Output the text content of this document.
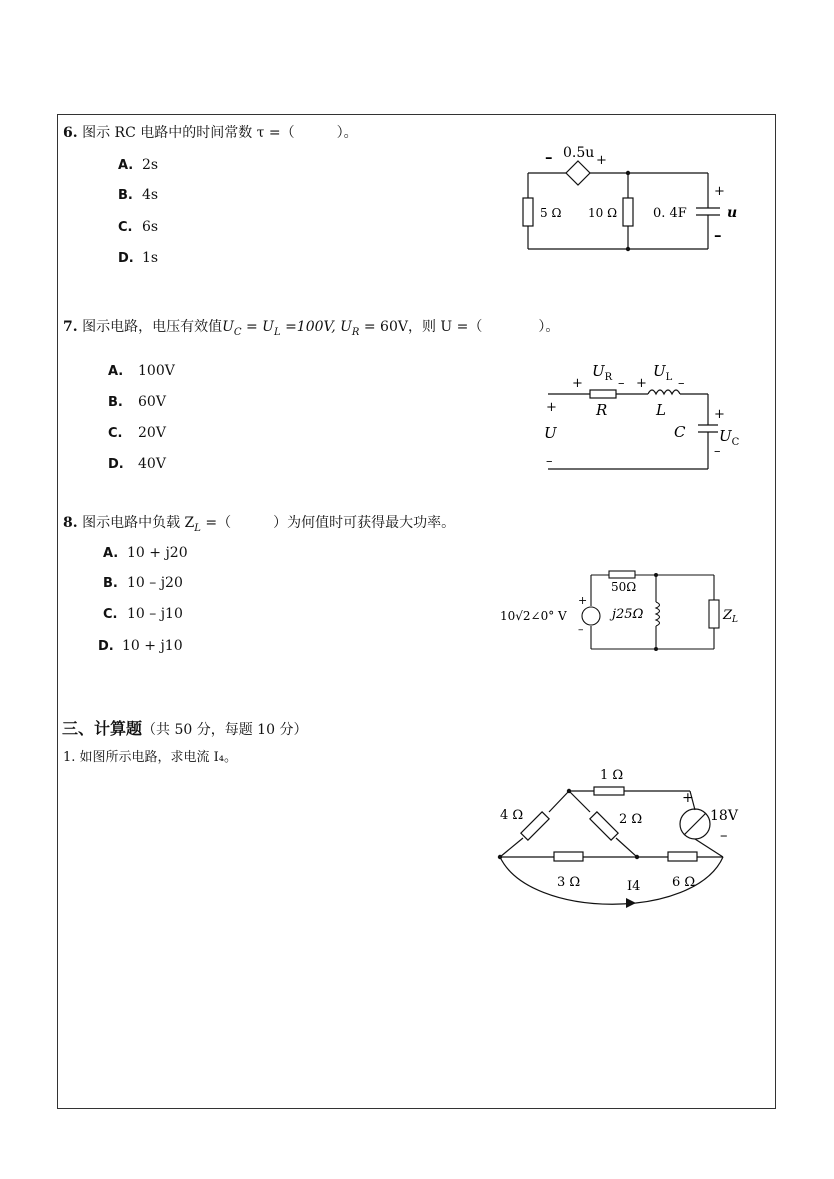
6. 图示 RC 电路中的时间常数 τ =（　　　）。
A. 2s
B. 4s
C. 6s
D. 1s
– 0.5u +
5 Ω 10 Ω	0. 4F
+
u
–
7. 图示电路，电压有效值$U_C = U_L =100V$, $U_R = 60V$，则 U =（　　　　）。
A. 100V
B. 60V
C. 20V
D. 40V
$U_R$
+	–
$U_L$
+ –
R	L
C
+
$U_C$
–
+
U
–
8. 图示电路中负载 $Z_L$ =（　　　）为何值时可获得最大功率。
A. 10 + j20
B. 10 – j20
C. 10 – j10
D. 10 + j10
10√2∠0° V
+
–
50Ω
j25Ω	$Z_L$
三、计算题（共 50 分，每题 10 分）
1. 如图所示电路，求电流 I₄。
1 Ω
4 Ω	2 Ω
3 Ω	6 Ω
18V
+
–
I4
